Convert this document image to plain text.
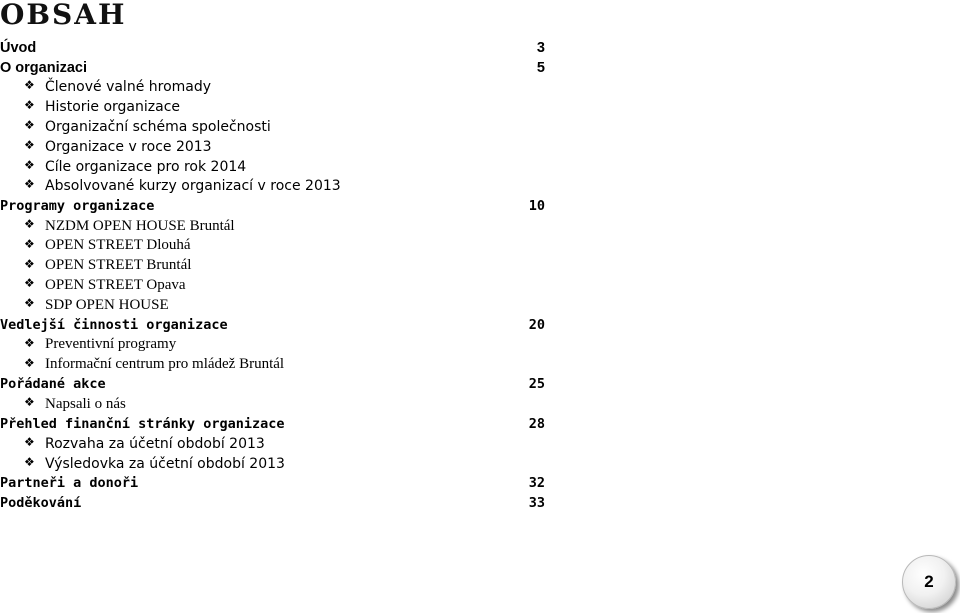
OBSAH
Úvod	3
O organizaci	5
❖
Členové valné hromady
❖
Historie organizace
❖
Organizační schéma společnosti
❖
Organizace v roce 2013
❖
Cíle organizace pro rok 2014
❖
Absolvované kurzy organizací v roce 2013
Programy organizace	10
❖
NZDM OPEN HOUSE Bruntál
❖
OPEN STREET Dlouhá
❖
OPEN STREET Bruntál
❖
OPEN STREET Opava
❖
SDP OPEN HOUSE
Vedlejší činnosti organizace	20
❖
Preventivní programy
❖
Informační centrum pro mládež Bruntál
Pořádané akce	25
❖
Napsali o nás
Přehled finanční stránky organizace	28
❖
Rozvaha za účetní období 2013
❖
Výsledovka za účetní období 2013
Partneři a donoři	32
Poděkování	33
2
